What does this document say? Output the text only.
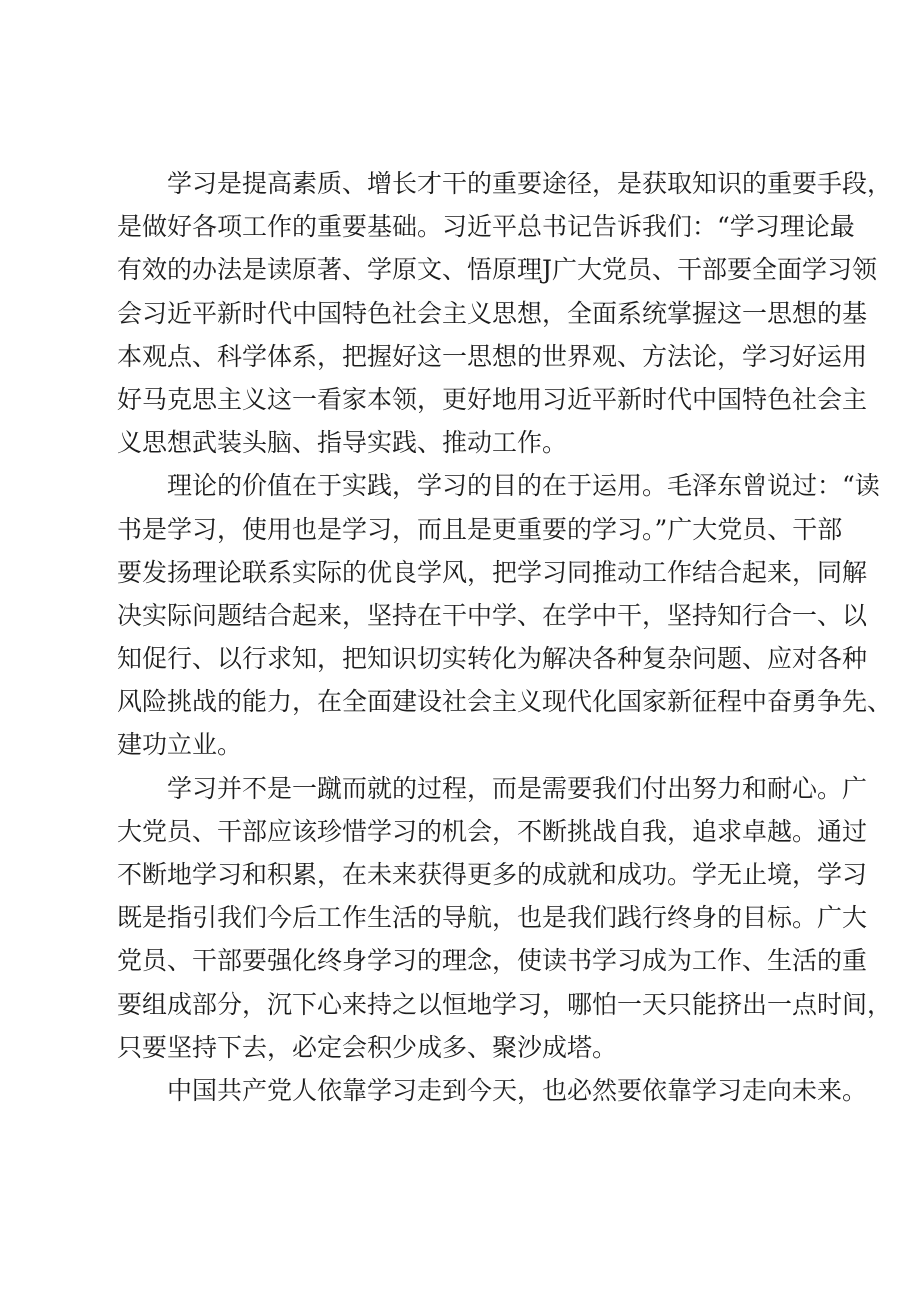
学习是提高素质、增长才干的重要途径，是获取知识的重要手段，
是做好各项工作的重要基础。习近平总书记告诉我们：“学习理论最
有效的办法是读原著、学原文、悟原理J广大党员、干部要全面学习领
会习近平新时代中国特色社会主义思想，全面系统掌握这一思想的基
本观点、科学体系，把握好这一思想的世界观、方法论，学习好运用
好马克思主义这一看家本领，更好地用习近平新时代中国特色社会主
义思想武装头脑、指导实践、推动工作。
理论的价值在于实践，学习的目的在于运用。毛泽东曾说过：“读
书是学习，使用也是学习，而且是更重要的学习。”广大党员、干部
要发扬理论联系实际的优良学风，把学习同推动工作结合起来，同解
决实际问题结合起来，坚持在干中学、在学中干，坚持知行合一、以
知促行、以行求知，把知识切实转化为解决各种复杂问题、应对各种
风险挑战的能力，在全面建设社会主义现代化国家新征程中奋勇争先、
建功立业。
学习并不是一蹴而就的过程，而是需要我们付出努力和耐心。广
大党员、干部应该珍惜学习的机会，不断挑战自我，追求卓越。通过
不断地学习和积累，在未来获得更多的成就和成功。学无止境，学习
既是指引我们今后工作生活的导航，也是我们践行终身的目标。广大
党员、干部要强化终身学习的理念，使读书学习成为工作、生活的重
要组成部分，沉下心来持之以恒地学习，哪怕一天只能挤出一点时间，
只要坚持下去，必定会积少成多、聚沙成塔。
中国共产党人依靠学习走到今天，也必然要依靠学习走向未来。
